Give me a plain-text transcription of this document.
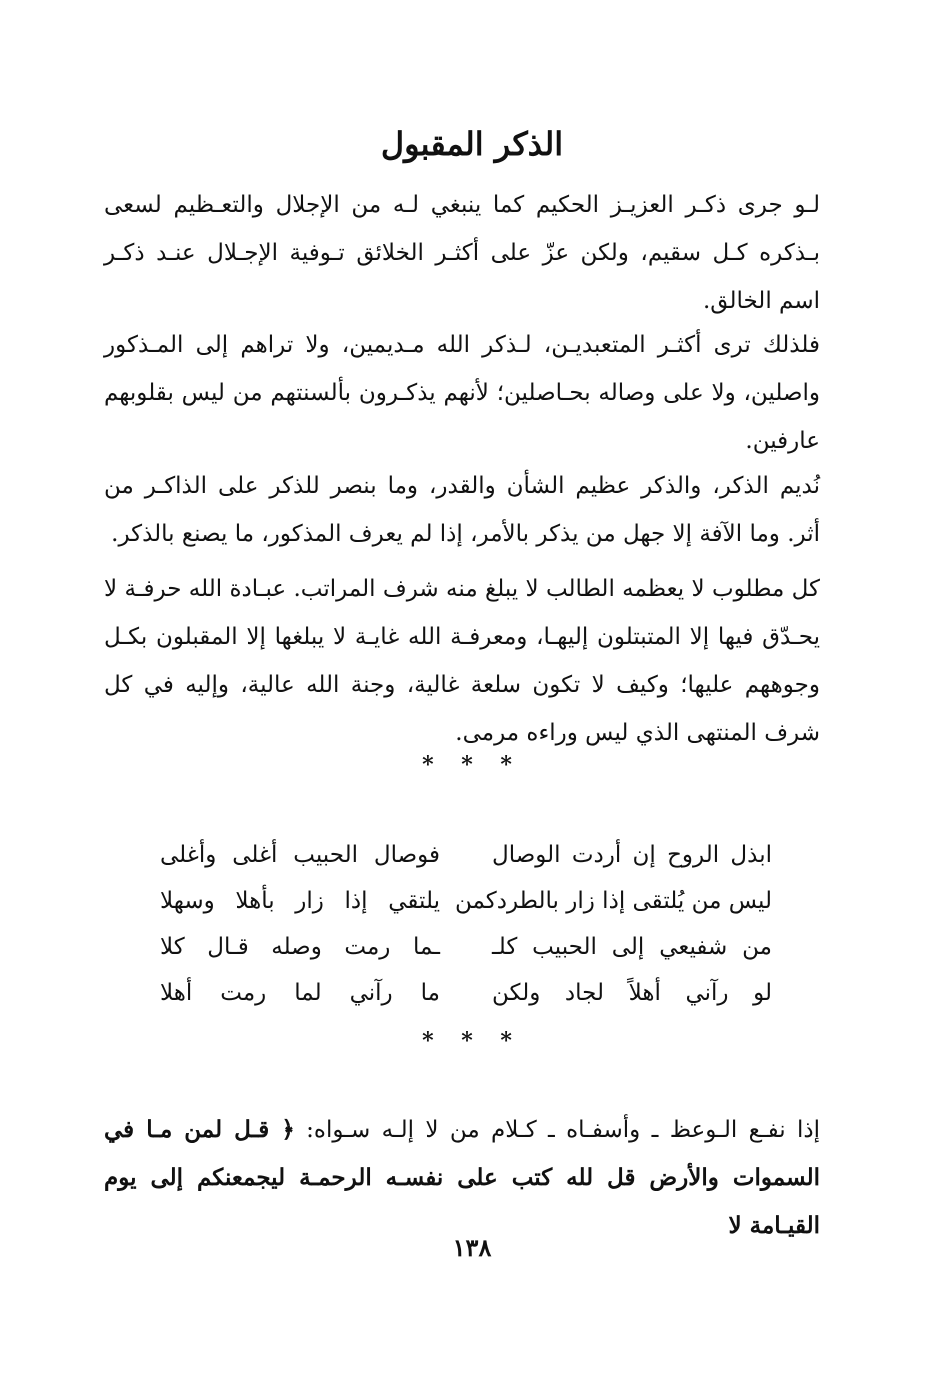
الذكر المقبول

لـو جرى ذكـر العزيـز الحكيم كما ينبغي لـه من الإجلال والتعـظيم لسعى بـذكره كـل سقيم، ولكن عزّ على أكثـر الخلائق تـوفية الإجـلال عنـد ذكـر اسم الخالق.

فلذلك ترى أكثـر المتعبديـن، لـذكر الله مـديمين، ولا تراهم إلى المـذكور واصلين، ولا على وصاله بحـاصلين؛ لأنهم يذكـرون بألسنتهم من ليس بقلوبهم عارفين.

نُديم الذكر، والذكر عظيم الشأن والقدر، وما بنصر للذكر على الذاكـر من أثر. وما الآفة إلا جهل من يذكر بالأمر، إذا لم يعرف المذكور، ما يصنع بالذكر.

كل مطلوب لا يعظمه الطالب لا يبلغ منه شرف المراتب. عبـادة الله حرفـة لا يحـدّق فيها إلا المتبتلون إليهـا، ومعرفـة الله غايـة لا يبلغها إلا المقبلون بكـل وجوههم عليها؛ وكيف لا تكون سلعة غالية، وجنة الله عالية، وإليه في كل شرف المنتهى الذي ليس وراءه مرمى.

* * *
ابذل الروح إن أردت الوصال
فوصال الحبيب أغلى وأغلى
ليس من يُلتقى إذا زار بالطردكمن
يلتقي إذا زار بأهلا وسهلا
من شفيعي إلى الحبيب كلـ
ـما رمت وصله قـال كلا
لو رآني أهلاً لجاد ولكن
ما رآني لما رمت أهلا
* * *

إذا نفـع الـوعظ ـ وأسفـاه ـ كـلام من لا إلـه سـواه: ﴿ قـل لمن مـا في السموات والأرض قل لله كتب على نفسـه الرحمـة ليجمعنكم إلى يوم القيـامة لا

١٣٨
